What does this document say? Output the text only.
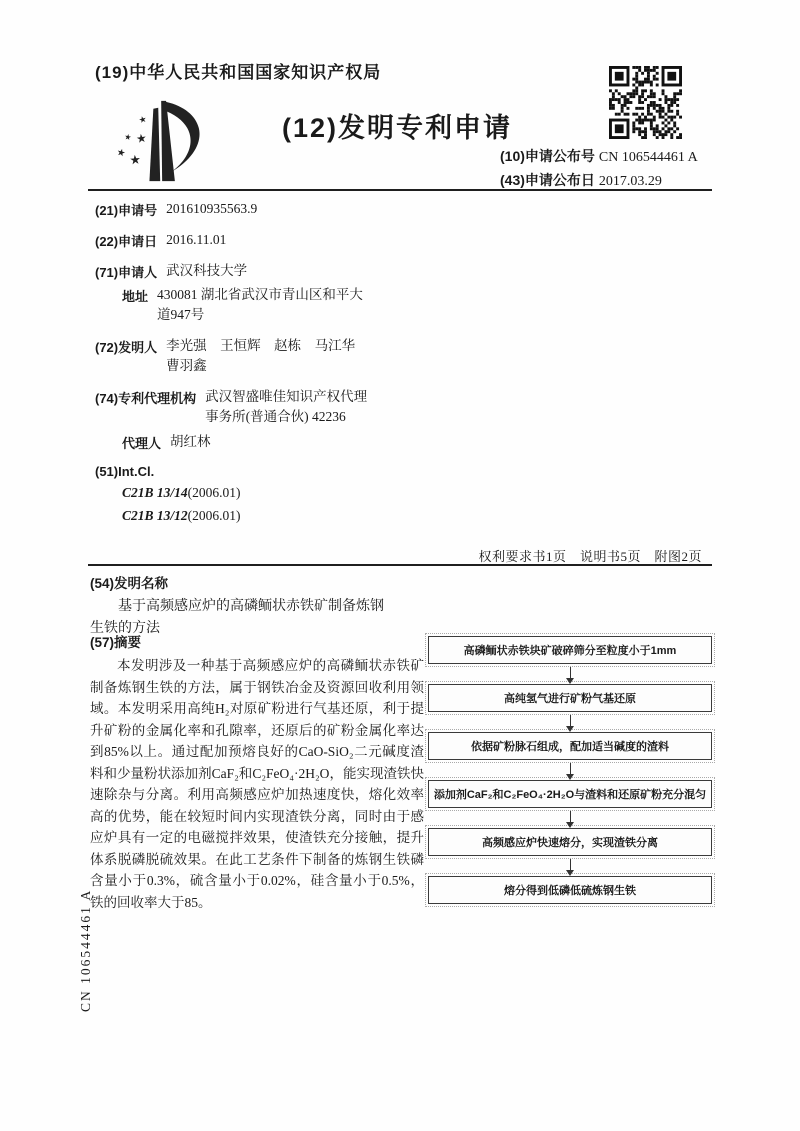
(19)中华人民共和国国家知识产权局
★
★ ★
★ ★
(12)发明专利申请
(10)申请公布号 CN 106544461 A
(43)申请公布日 2017.03.29
(21)申请号 201610935563.9
(22)申请日 2016.11.01
(71)申请人 武汉科技大学
地址 430081 湖北省武汉市青山区和平大
道947号
(72)发明人 李光强　王恒辉　赵栋　马江华
曹羽鑫
(74)专利代理机构 武汉智盛唯佳知识产权代理
事务所(普通合伙) 42236
代理人 胡红林
(51)Int.Cl.
C21B 13/14(2006.01)
C21B 13/12(2006.01)
权利要求书1页　说明书5页　附图2页
(54)发明名称
基于高频感应炉的高磷鲕状赤铁矿制备炼钢生铁的方法
(57)摘要
本发明涉及一种基于高频感应炉的高磷鲕状赤铁矿制备炼钢生铁的方法，属于钢铁冶金及资源回收利用领域。本发明采用高纯H₂对原矿粉进行气基还原，利于提升矿粉的金属化率和孔隙率，还原后的矿粉金属化率达到85%以上。通过配加预熔良好的CaO-SiO₂二元碱度渣料和少量粉状添加剂CaF₂和C₂FeO₄·2H₂O，能实现渣铁快速除杂与分离。利用高频感应炉加热速度快，熔化效率高的优势，能在较短时间内实现渣铁分离，同时由于感应炉具有一定的电磁搅拌效果，使渣铁充分接触，提升体系脱磷脱硫效果。在此工艺条件下制备的炼钢生铁磷含量小于0.3%，硫含量小于0.02%，硅含量小于0.5%，铁的回收率大于85。
高磷鲕状赤铁块矿破碎筛分至粒度小于1mm
高纯氢气进行矿粉气基还原
依据矿粉脉石组成，配加适当碱度的渣料
添加剂CaF₂和C₂FeO₄·2H₂O与渣料和还原矿粉充分混匀
高频感应炉快速熔分，实现渣铁分离
熔分得到低磷低硫炼钢生铁
CN 106544461 A
